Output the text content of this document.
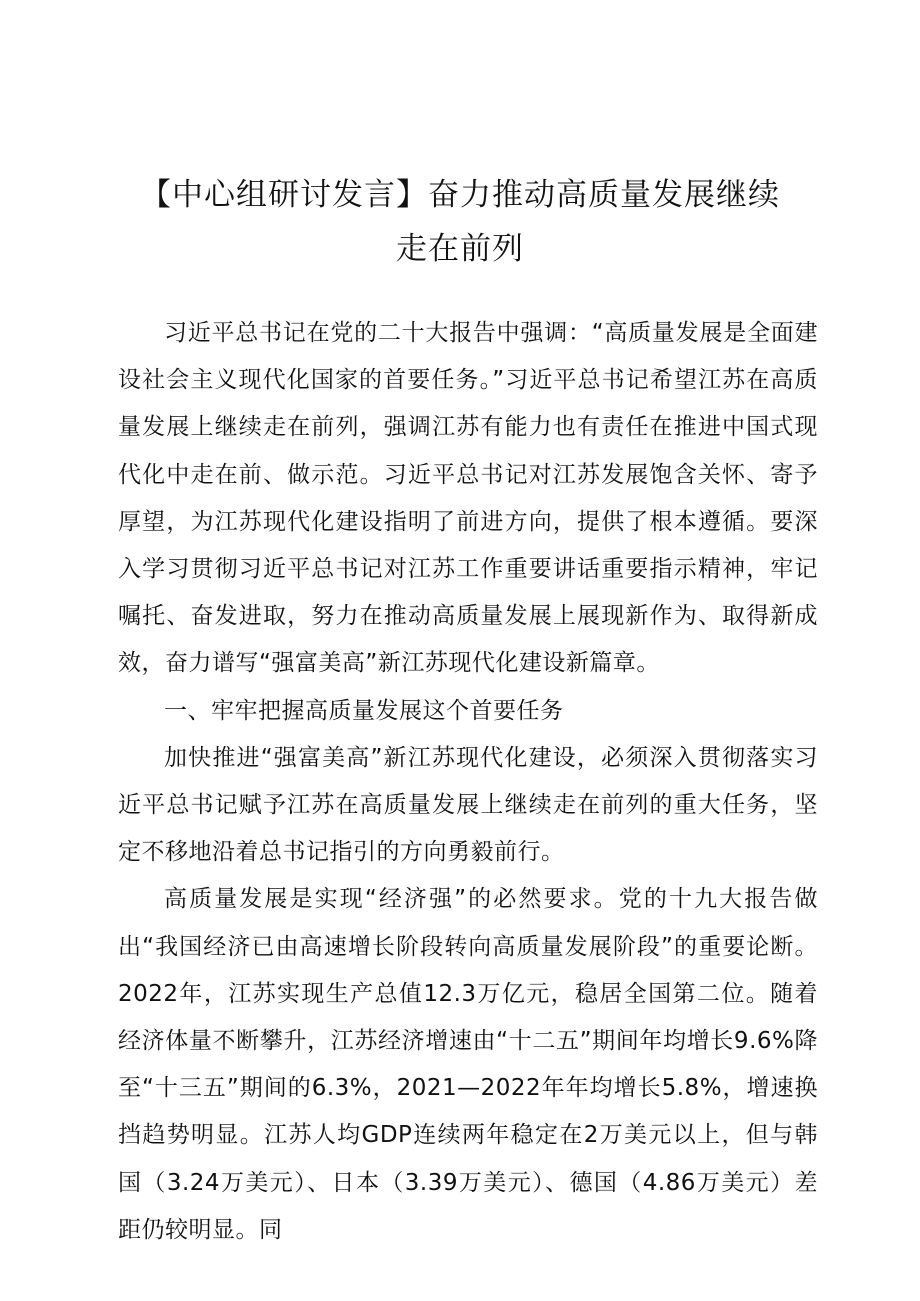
【中心组研讨发言】奋力推动高质量发展继续
走在前列

习近平总书记在党的二十大报告中强调：“高质量发展是全面建设社会主义现代化国家的首要任务。”习近平总书记希望江苏在高质量发展上继续走在前列，强调江苏有能力也有责任在推进中国式现代化中走在前、做示范。习近平总书记对江苏发展饱含关怀、寄予厚望，为江苏现代化建设指明了前进方向，提供了根本遵循。要深入学习贯彻习近平总书记对江苏工作重要讲话重要指示精神，牢记嘱托、奋发进取，努力在推动高质量发展上展现新作为、取得新成效，奋力谱写“强富美高”新江苏现代化建设新篇章。

一、牢牢把握高质量发展这个首要任务

加快推进“强富美高”新江苏现代化建设，必须深入贯彻落实习近平总书记赋予江苏在高质量发展上继续走在前列的重大任务，坚定不移地沿着总书记指引的方向勇毅前行。

高质量发展是实现“经济强”的必然要求。党的十九大报告做出“我国经济已由高速增长阶段转向高质量发展阶段”的重要论断。2022年，江苏实现生产总值12.3万亿元，稳居全国第二位。随着经济体量不断攀升，江苏经济增速由“十二五”期间年均增长9.6%降至“十三五”期间的6.3%，2021—2022年年均增长5.8%，增速换挡趋势明显。江苏人均GDP连续两年稳定在2万美元以上，但与韩国（3.24万美元）、日本（3.39万美元）、德国（4.86万美元）差距仍较明显。同
